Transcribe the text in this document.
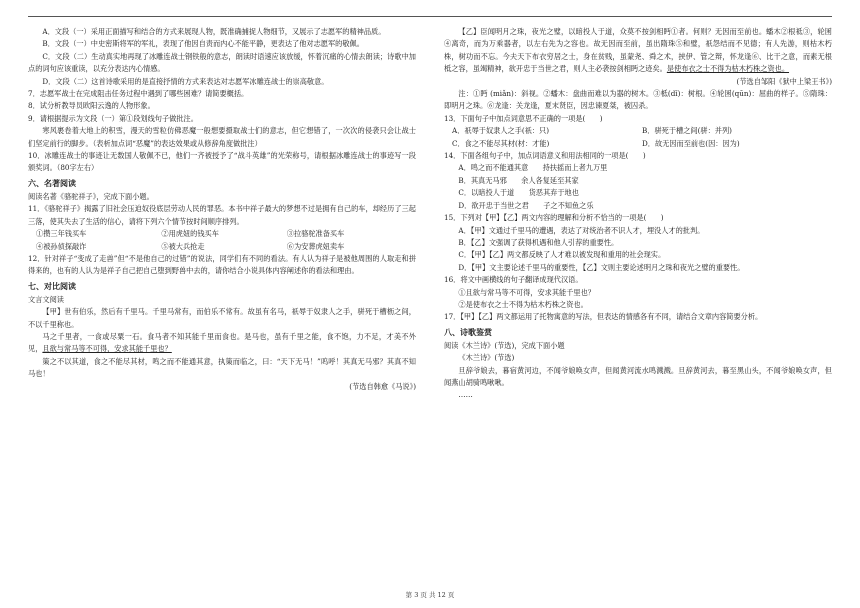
A．文段（一）采用正面描写和结合的方式来展现人物，既准确捕捉人物细节，又展示了志愿军的精神品质。

B．文段（一）中史密斯将军的军礼，表现了他因自责而内心不能平静，更表达了他对志愿军的敬佩。

C．文段（二）生动真实地再现了冰雕连战士钢铁般的意志，朗读时语速应该放缓，怀着沉痛的心情去朗读；诗歌中加点的词句应该重读，以充分表达内心情感。

D．文段（二）这首诗歌采用的是直接抒情的方式来表达对志愿军冰雕连战士的崇高敬意。

7．志愿军战士在完成阻击任务过程中遇到了哪些困难？请简要概括。

8．试分析教导员欧阳云逸的人物形象。

9．请根据提示为文段（一）第①段划线句子做批注。

寒风裹卷着大地上的积雪，漫天的雪粒仿佛恶魔一般想要摄取战士们的意志，但它想错了，一次次的侵袭只会让战士们坚定前行的脚步。（表析加点词“恶魔”的表达效果或从修辞角度做批注）

10．冰雕连战士的事迹让无数国人敬佩不已，他们一齐被授予了“战斗英雄”的光荣称号，请根据冰雕连战士的事迹写一段颁奖词。（80字左右）

六、名著阅读

阅读名著《骆驼祥子》，完成下面小题。

11．《骆驼祥子》揭露了旧社会压迫奴役底层劳动人民的罪恶。本书中祥子最大的梦想不过是拥有自己的车，却经历了三起三落，使其失去了生活的信心，请将下列六个情节按时间顺序排列。

①攒三年钱买车	②用虎妞的钱买车	③拉骆驼准备买车
④被孙侦探敲诈	⑤被大兵抢走	⑥为安葬虎妞卖车

12．针对祥子“变成了走兽”但“不是他自己的过错”的说法，同学们有不同的看法。有人认为祥子是被他周围的人取走和拼得来的，也有的人认为是祥子自己把自己堕到野兽中去的，请你结合小说具体内容阐述你的看法和理由。

七、对比阅读

文言文阅读

【甲】世有伯乐，然后有千里马。千里马常有，而伯乐不常有。故虽有名马，祇辱于奴隶人之手，骈死于槽枥之间，不以千里称也。

马之千里者，一食或尽粟一石。食马者不知其能千里而食也。是马也，虽有千里之能，食不饱，力不足，才美不外见，且欲与常马等不可得，安求其能千里也？

策之不以其道，食之不能尽其材，鸣之而不能通其意，执策而临之，曰：“天下无马！”呜呼！其真无马邪？其真不知马也！

(节选自韩愈《马说》)

【乙】臣闻明月之珠，夜光之璧，以暗投人于道，众莫不按剑相眄①者。何则？无因而至前也。蟠木②根祗③，轮囷④离奇，而为万乘器者，以左右先为之容也。故无因而至前，虽出隋珠⑤和璧，祇怨结而不见德；有人先游，则枯木朽株，树功而不忘。今夫天下布衣穷居之士，身在贫贱，虽蒙尧、舜之术，挟伊、管之辩，怀龙逢⑥、比干之意，而素无根柢之容，虽竭精神，欲开忠于当世之君，则人主必袭按剑相眄之迹矣。是使布衣之士不得为枯木朽株之资也。

(节选自邹阳《狱中上梁王书》)

注：①眄 (miǎn)：斜视。②蟠木：盘曲而难以为器的树木。③柢(dǐ)：树根。④轮囷(qūn)：屈曲的样子。⑤隋珠：即明月之珠。⑥龙逢：关龙逢，夏末贤臣，因忠谏夏桀，被囚杀。

13．下面句子中加点词意思不正确的一项是(　　)

A．祇辱于奴隶人之手(祇：只)	B．骈死于槽之间(骈：并列)
C．食之不能尽其材(材：才能)	D．故无因而至前也(因：因为)

14．下面各组句子中，加点词语意义和用法相同的一项是(　　)

A．鸣之而不能通其意　　持扶摇而上者九万里

B．其真无马邪　　余人各复延至其家

C．以暗投人于道　　货恶其弃于地也

D．欲开忠于当世之君　　子之不知鱼之乐

15．下列对【甲】【乙】两文内容的理解和分析不恰当的一项是(　　)

A．【甲】文通过千里马的遭遇，表达了对统治者不识人才，埋没人才的批判。

B．【乙】文强调了获得机遇和他人引荐的重要性。

C．【甲】【乙】两文都反映了人才难以被发现和重用的社会现实。

D．【甲】文主要论述千里马的重要性，【乙】文则主要论述明月之珠和夜光之璧的重要性。

16．将文中画横线的句子翻译成现代汉语。

①且欲与常马等不可得，安求其能千里也？

②是使布衣之士不得为枯木朽株之资也。

17．【甲】【乙】两文都运用了托物寓意的写法，但表达的情感各有不同，请结合文章内容简要分析。

八、诗歌鉴赏

阅读《木兰诗》(节选)，完成下面小题

《木兰诗》(节选)

旦辞爷娘去，暮宿黄河边，不闻爷娘唤女声，但闻黄河流水鸣溅溅。旦辞黄河去，暮至黑山头，不闻爷娘唤女声，但闻燕山胡骑鸣啾啾。

……

第 3 页 共 12 页
